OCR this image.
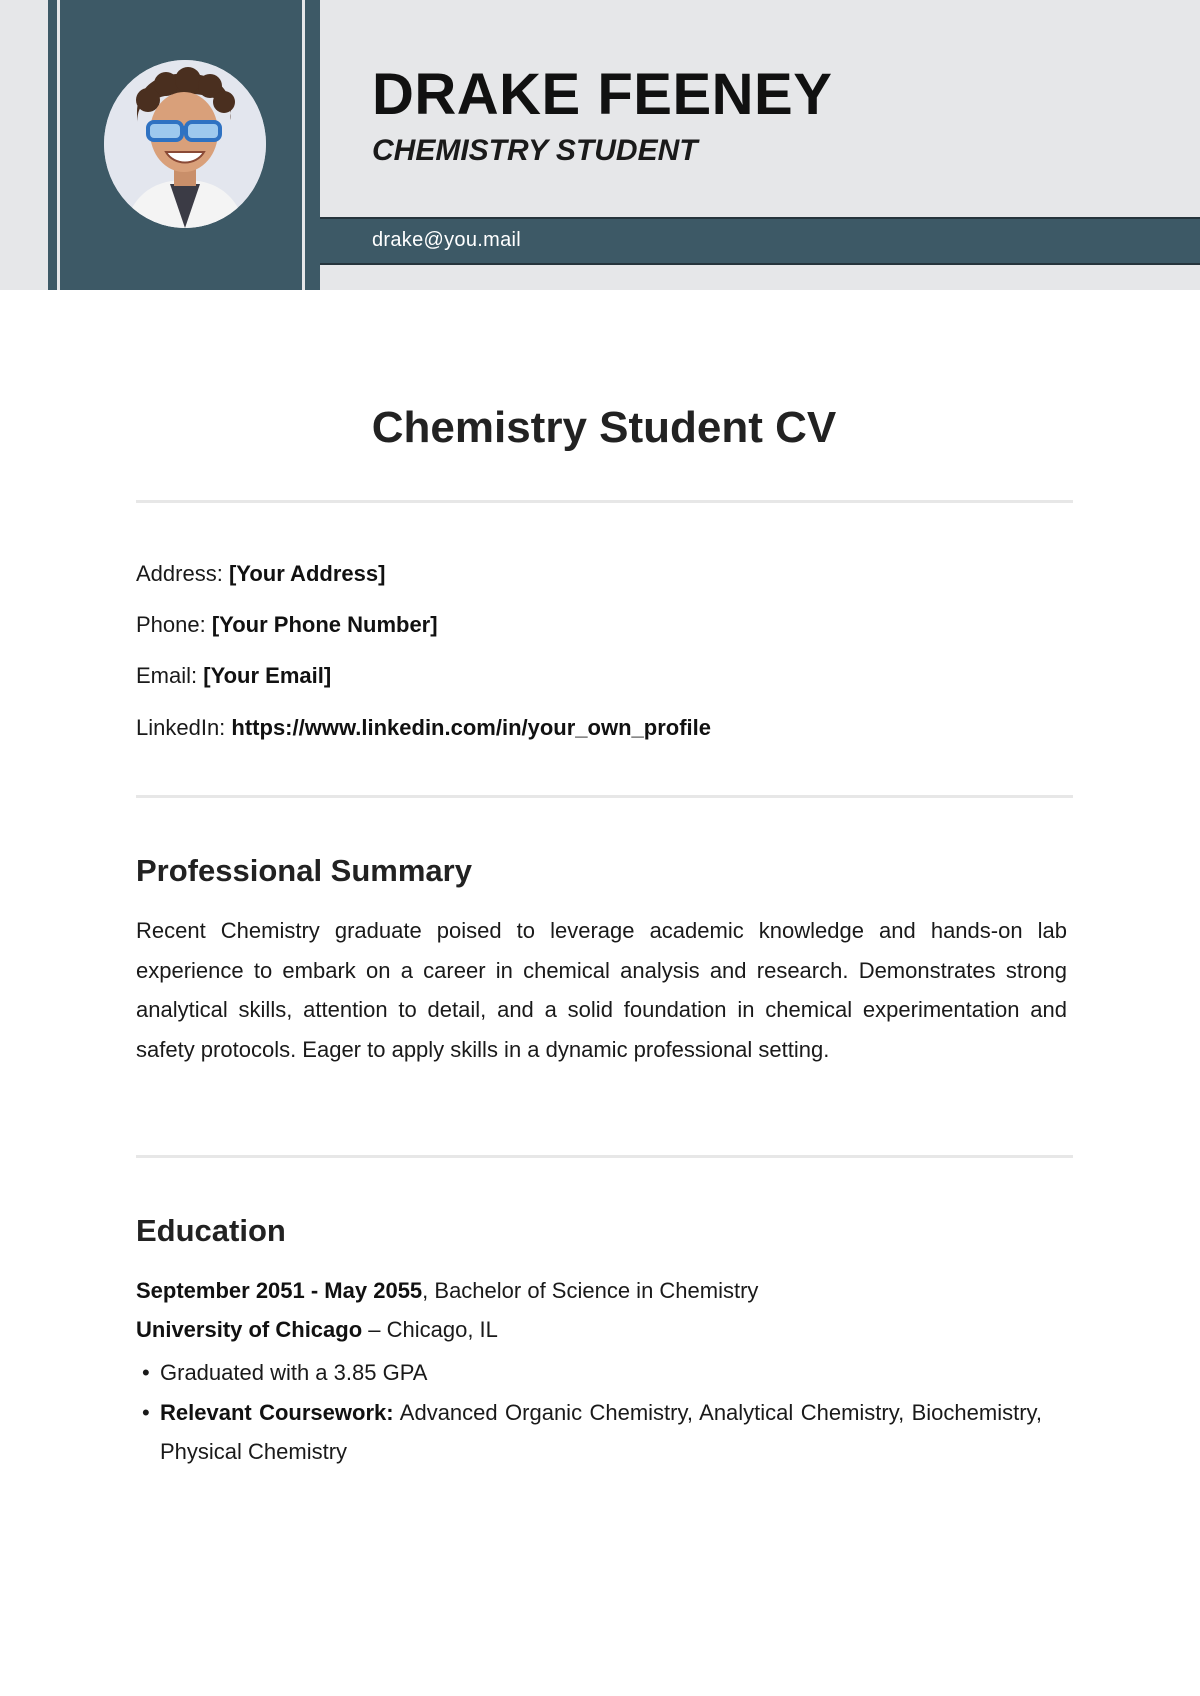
drake@you.mail
DRAKE FEENEY
CHEMISTRY STUDENT
Chemistry Student CV
Address: [Your Address]
Phone: [Your Phone Number]
Email: [Your Email]
LinkedIn: https://www.linkedin.com/in/your_own_profile
Professional Summary

Recent Chemistry graduate poised to leverage academic knowledge and hands-on lab experience to embark on a career in chemical analysis and research. Demonstrates strong analytical skills, attention to detail, and a solid foundation in chemical experimentation and safety protocols. Eager to apply skills in a dynamic professional setting.

Education
September 2051 - May 2055, Bachelor of Science in Chemistry
University of Chicago – Chicago, IL
• Graduated with a 3.85 GPA
• Relevant Coursework: Advanced Organic Chemistry, Analytical Chemistry, Biochemistry, Physical Chemistry
